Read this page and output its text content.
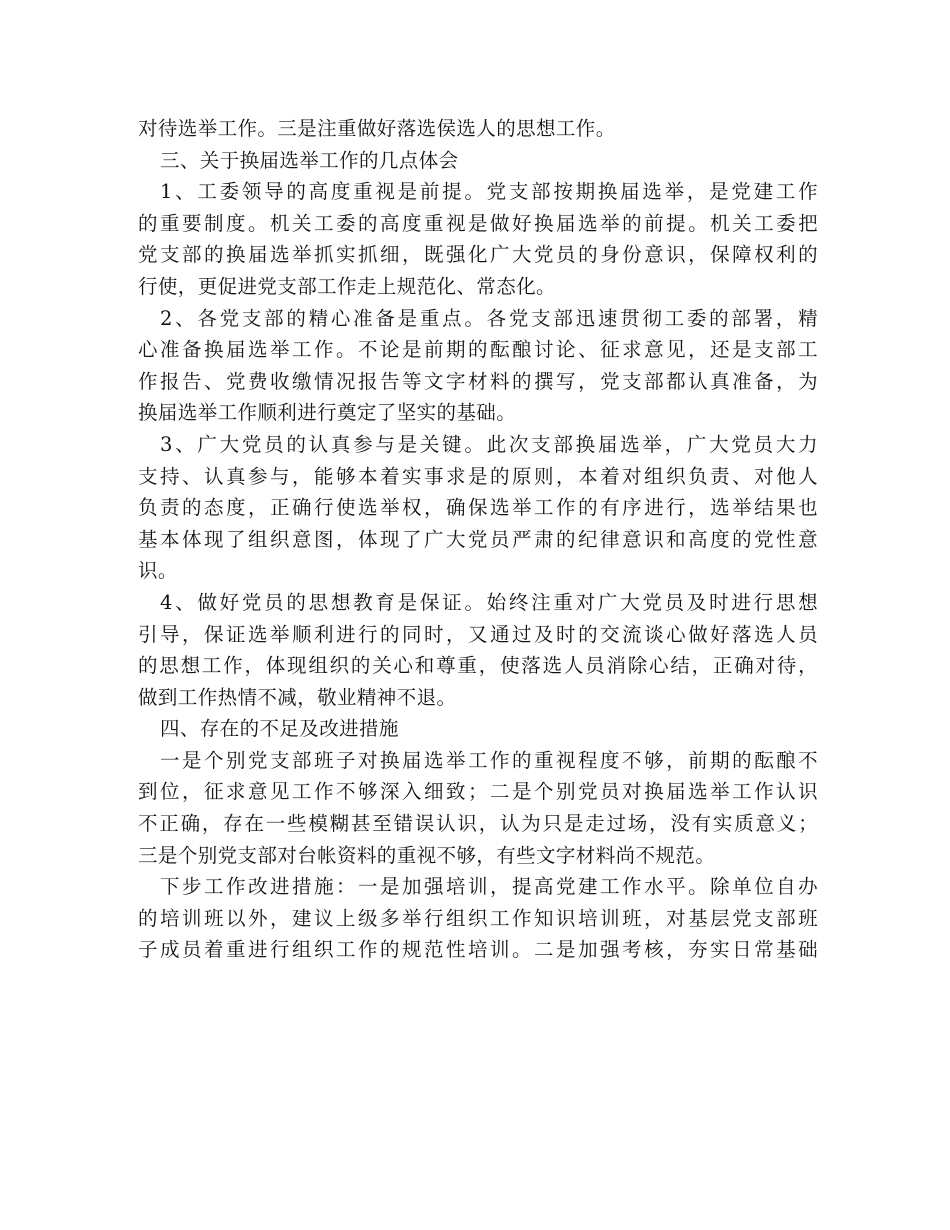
对待选举工作。三是注重做好落选侯选人的思想工作。
三、关于换届选举工作的几点体会
1、工委领导的高度重视是前提。党支部按期换届选举，是党建工作
的重要制度。机关工委的高度重视是做好换届选举的前提。机关工委把
党支部的换届选举抓实抓细，既强化广大党员的身份意识，保障权利的
行使，更促进党支部工作走上规范化、常态化。
2、各党支部的精心准备是重点。各党支部迅速贯彻工委的部署，精
心准备换届选举工作。不论是前期的酝酿讨论、征求意见，还是支部工
作报告、党费收缴情况报告等文字材料的撰写，党支部都认真准备，为
换届选举工作顺利进行奠定了坚实的基础。
3、广大党员的认真参与是关键。此次支部换届选举，广大党员大力
支持、认真参与，能够本着实事求是的原则，本着对组织负责、对他人
负责的态度，正确行使选举权，确保选举工作的有序进行，选举结果也
基本体现了组织意图，体现了广大党员严肃的纪律意识和高度的党性意
识。
4、做好党员的思想教育是保证。始终注重对广大党员及时进行思想
引导，保证选举顺利进行的同时，又通过及时的交流谈心做好落选人员
的思想工作，体现组织的关心和尊重，使落选人员消除心结，正确对待，
做到工作热情不减，敬业精神不退。
四、存在的不足及改进措施
一是个别党支部班子对换届选举工作的重视程度不够，前期的酝酿不
到位，征求意见工作不够深入细致；二是个别党员对换届选举工作认识
不正确，存在一些模糊甚至错误认识，认为只是走过场，没有实质意义；
三是个别党支部对台帐资料的重视不够，有些文字材料尚不规范。
下步工作改进措施：一是加强培训，提高党建工作水平。除单位自办
的培训班以外，建议上级多举行组织工作知识培训班，对基层党支部班
子成员着重进行组织工作的规范性培训。二是加强考核，夯实日常基础
